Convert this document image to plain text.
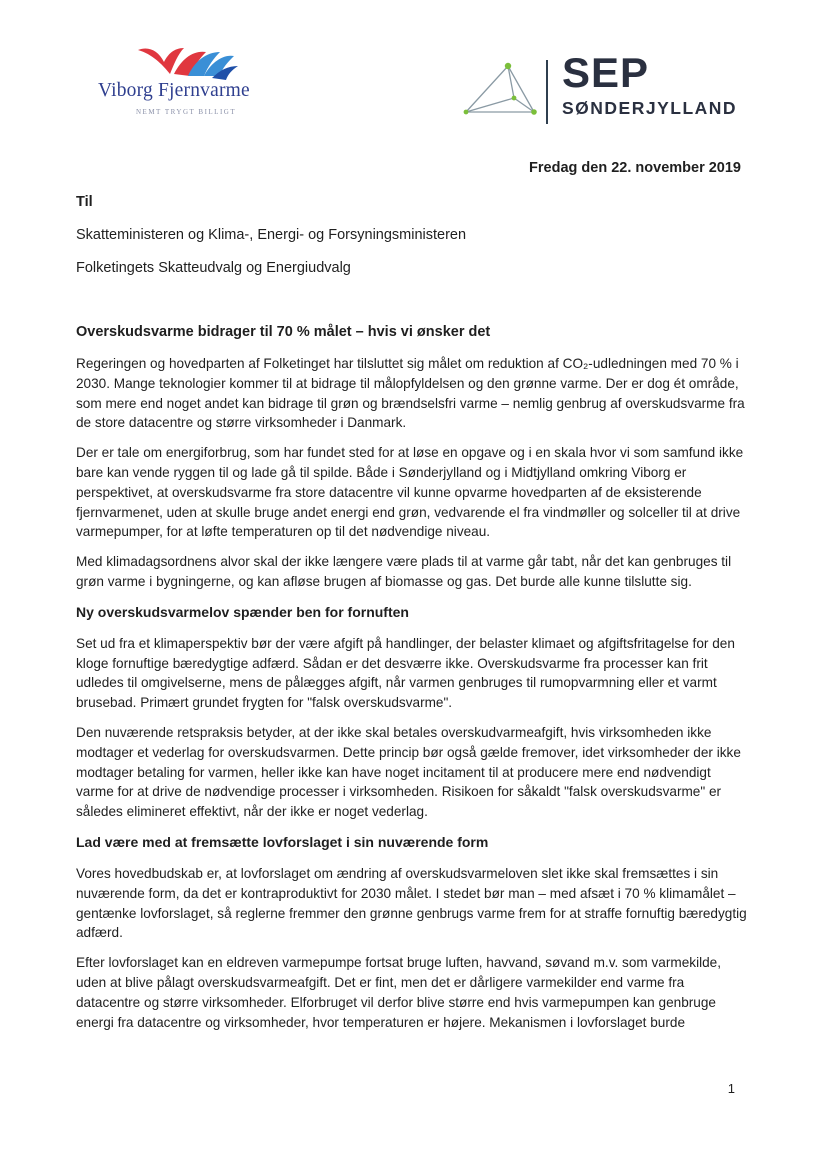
Viborg Fjernvarme
NEMT TRYGT BILLIGT
SEP
SØNDERJYLLAND
Fredag den 22. november 2019
Til
Skatteministeren og Klima-, Energi- og Forsyningsministeren
Folketingets Skatteudvalg og Energiudvalg
Overskudsvarme bidrager til 70 % målet – hvis vi ønsker det

Regeringen og hovedparten af Folketinget har tilsluttet sig målet om reduktion af CO₂-udledningen med 70 % i 2030. Mange teknologier kommer til at bidrage til målopfyldelsen og den grønne varme. Der er dog ét område, som mere end noget andet kan bidrage til grøn og brændselsfri varme – nemlig genbrug af overskudsvarme fra de store datacentre og større virksomheder i Danmark.

Der er tale om energiforbrug, som har fundet sted for at løse en opgave og i en skala hvor vi som samfund ikke bare kan vende ryggen til og lade gå til spilde. Både i Sønderjylland og i Midtjylland omkring Viborg er perspektivet, at overskudsvarme fra store datacentre vil kunne opvarme hovedparten af de eksisterende fjernvarmenet, uden at skulle bruge andet energi end grøn, vedvarende el fra vindmøller og solceller til at drive varmepumper, for at løfte temperaturen op til det nødvendige niveau.

Med klimadagsordnens alvor skal der ikke længere være plads til at varme går tabt, når det kan genbruges til grøn varme i bygningerne, og kan afløse brugen af biomasse og gas. Det burde alle kunne tilslutte sig.

Ny overskudsvarmelov spænder ben for fornuften

Set ud fra et klimaperspektiv bør der være afgift på handlinger, der belaster klimaet og afgiftsfritagelse for den kloge fornuftige bæredygtige adfærd. Sådan er det desværre ikke. Overskudsvarme fra processer kan frit udledes til omgivelserne, mens de pålægges afgift, når varmen genbruges til rumopvarmning eller et varmt brusebad. Primært grundet frygten for "falsk overskudsvarme".

Den nuværende retspraksis betyder, at der ikke skal betales overskudvarmeafgift, hvis virksomheden ikke modtager et vederlag for overskudsvarmen. Dette princip bør også gælde fremover, idet virksomheder der ikke modtager betaling for varmen, heller ikke kan have noget incitament til at producere mere end nødvendigt varme for at drive de nødvendige processer i virksomheden. Risikoen for såkaldt "falsk overskudsvarme" er således elimineret effektivt, når der ikke er noget vederlag.

Lad være med at fremsætte lovforslaget i sin nuværende form

Vores hovedbudskab er, at lovforslaget om ændring af overskudsvarmeloven slet ikke skal fremsættes i sin nuværende form, da det er kontraproduktivt for 2030 målet. I stedet bør man – med afsæt i 70 % klimamålet – gentænke lovforslaget, så reglerne fremmer den grønne genbrugs varme frem for at straffe fornuftig bæredygtig adfærd.

Efter lovforslaget kan en eldreven varmepumpe fortsat bruge luften, havvand, søvand m.v. som varmekilde, uden at blive pålagt overskudsvarmeafgift. Det er fint, men det er dårligere varmekilder end varme fra datacentre og større virksomheder. Elforbruget vil derfor blive større end hvis varmepumpen kan genbruge energi fra datacentre og virksomheder, hvor temperaturen er højere. Mekanismen i lovforslaget burde

1
